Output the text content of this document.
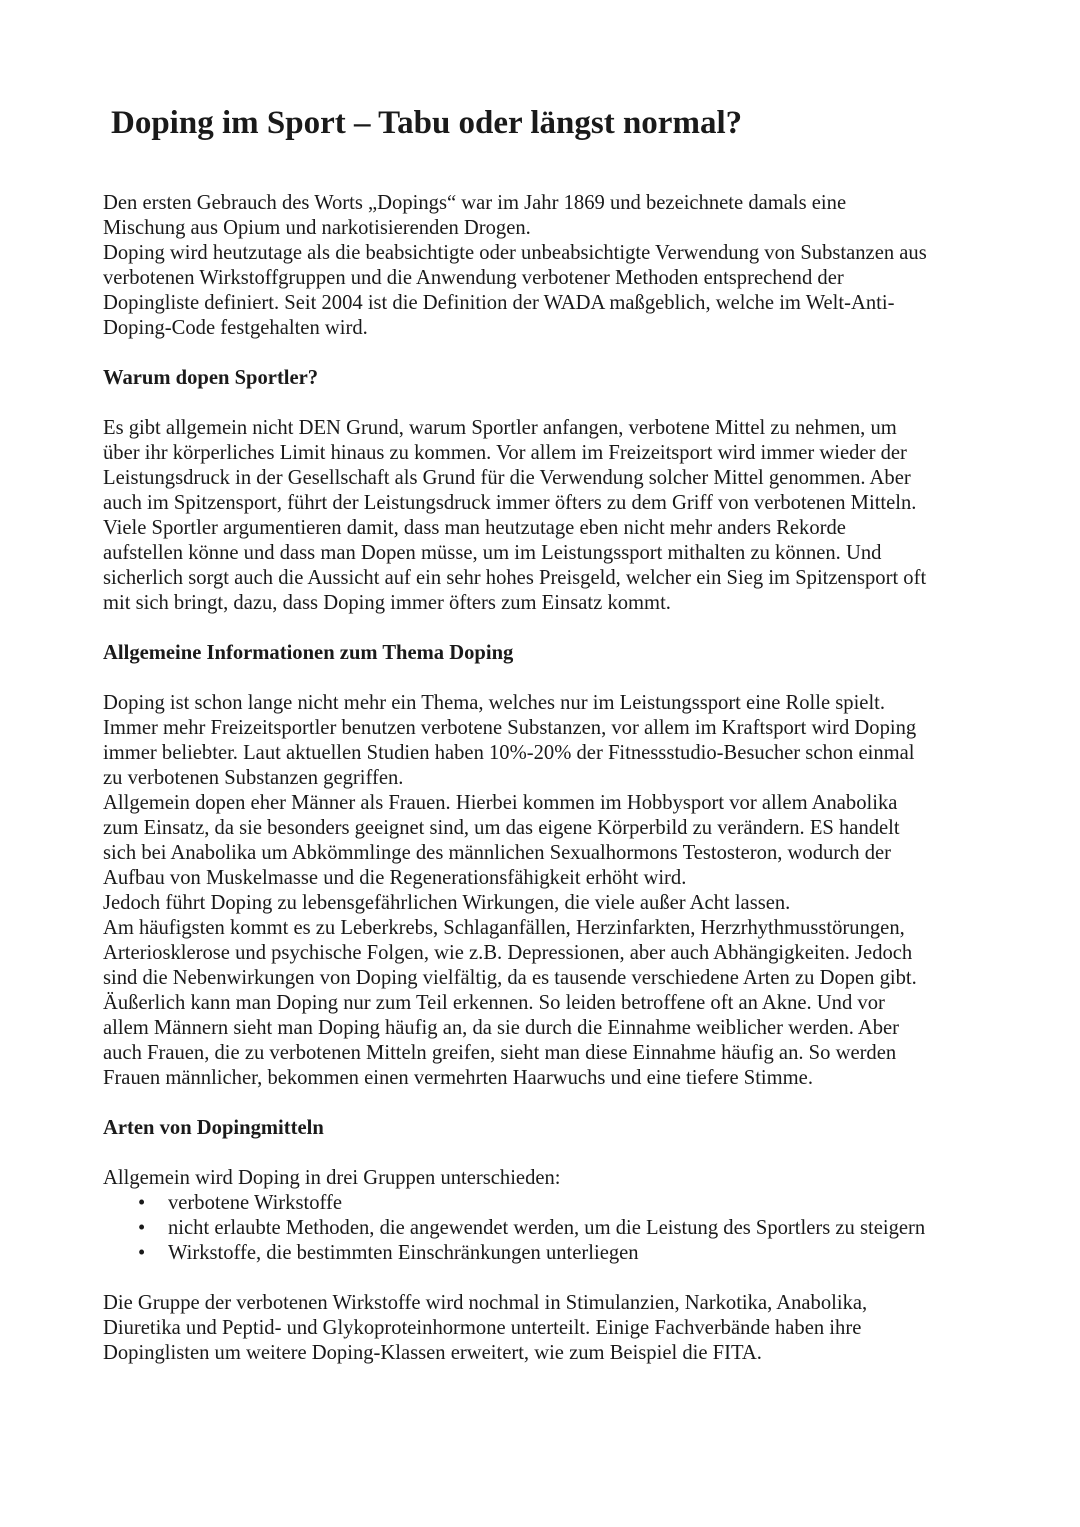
Doping im Sport – Tabu oder längst normal?

Den ersten Gebrauch des Worts „Dopings“ war im Jahr 1869 und bezeichnete damals eine

Mischung aus Opium und narkotisierenden Drogen.

Doping wird heutzutage als die beabsichtigte oder unbeabsichtigte Verwendung von Substanzen aus

verbotenen Wirkstoffgruppen und die Anwendung verbotener Methoden entsprechend der

Dopingliste definiert. Seit 2004 ist die Definition der WADA maßgeblich, welche im Welt-Anti-

Doping-Code festgehalten wird.

Warum dopen Sportler?

Es gibt allgemein nicht DEN Grund, warum Sportler anfangen, verbotene Mittel zu nehmen, um

über ihr körperliches Limit hinaus zu kommen. Vor allem im Freizeitsport wird immer wieder der

Leistungsdruck in der Gesellschaft als Grund für die Verwendung solcher Mittel genommen. Aber

auch im Spitzensport, führt der Leistungsdruck immer öfters zu dem Griff von verbotenen Mitteln.

Viele Sportler argumentieren damit, dass man heutzutage eben nicht mehr anders Rekorde

aufstellen könne und dass man Dopen müsse, um im Leistungssport mithalten zu können. Und

sicherlich sorgt auch die Aussicht auf ein sehr hohes Preisgeld, welcher ein Sieg im Spitzensport oft

mit sich bringt, dazu, dass Doping immer öfters zum Einsatz kommt.

Allgemeine Informationen zum Thema Doping

Doping ist schon lange nicht mehr ein Thema, welches nur im Leistungssport eine Rolle spielt.

Immer mehr Freizeitsportler benutzen verbotene Substanzen, vor allem im Kraftsport wird Doping

immer beliebter. Laut aktuellen Studien haben 10%-20% der Fitnessstudio-Besucher schon einmal

zu verbotenen Substanzen gegriffen.

Allgemein dopen eher Männer als Frauen. Hierbei kommen im Hobbysport vor allem Anabolika

zum Einsatz, da sie besonders geeignet sind, um das eigene Körperbild zu verändern. ES handelt

sich bei Anabolika um Abkömmlinge des männlichen Sexualhormons Testosteron, wodurch der

Aufbau von Muskelmasse und die Regenerationsfähigkeit erhöht wird.

Jedoch führt Doping zu lebensgefährlichen Wirkungen, die viele außer Acht lassen.

Am häufigsten kommt es zu Leberkrebs, Schlaganfällen, Herzinfarkten, Herzrhythmusstörungen,

Arteriosklerose und psychische Folgen, wie z.B. Depressionen, aber auch Abhängigkeiten. Jedoch

sind die Nebenwirkungen von Doping vielfältig, da es tausende verschiedene Arten zu Dopen gibt.

Äußerlich kann man Doping nur zum Teil erkennen. So leiden betroffene oft an Akne. Und vor

allem Männern sieht man Doping häufig an, da sie durch die Einnahme weiblicher werden. Aber

auch Frauen, die zu verbotenen Mitteln greifen, sieht man diese Einnahme häufig an. So werden

Frauen männlicher, bekommen einen vermehrten Haarwuchs und eine tiefere Stimme.

Arten von Dopingmitteln

Allgemein wird Doping in drei Gruppen unterschieden:

• verbotene Wirkstoffe
• nicht erlaubte Methoden, die angewendet werden, um die Leistung des Sportlers zu steigern
• Wirkstoffe, die bestimmten Einschränkungen unterliegen

Die Gruppe der verbotenen Wirkstoffe wird nochmal in Stimulanzien, Narkotika, Anabolika,

Diuretika und Peptid- und Glykoproteinhormone unterteilt. Einige Fachverbände haben ihre

Dopinglisten um weitere Doping-Klassen erweitert, wie zum Beispiel die FITA.
